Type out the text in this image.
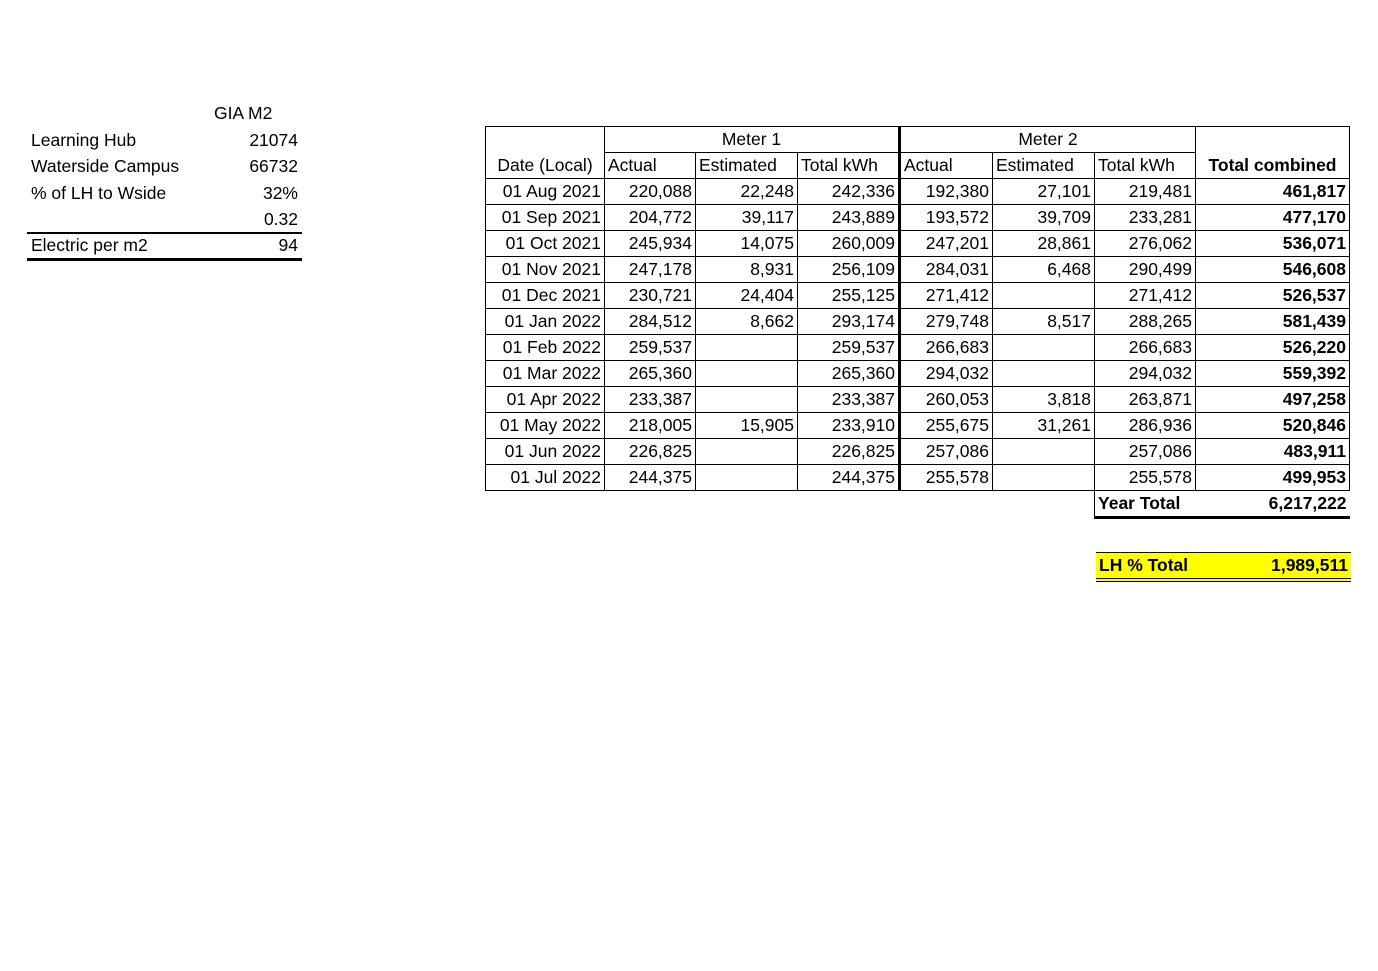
GIA M2
Learning Hub	21074
Waterside Campus	66732
% of LH to Wside	32%
0.32
Electric per m2	94
	Meter 1			Meter 2			
Date (Local)	Actual	Estimated	Total kWh	Actual	Estimated	Total kWh	Total combined
01 Aug 2021	220,088	22,248	242,336	192,380	27,101	219,481	461,817
01 Sep 2021	204,772	39,117	243,889	193,572	39,709	233,281	477,170
01 Oct 2021	245,934	14,075	260,009	247,201	28,861	276,062	536,071
01 Nov 2021	247,178	8,931	256,109	284,031	6,468	290,499	546,608
01 Dec 2021	230,721	24,404	255,125	271,412		271,412	526,537
01 Jan 2022	284,512	8,662	293,174	279,748	8,517	288,265	581,439
01 Feb 2022	259,537		259,537	266,683		266,683	526,220
01 Mar 2022	265,360		265,360	294,032		294,032	559,392
01 Apr 2022	233,387		233,387	260,053	3,818	263,871	497,258
01 May 2022	218,005	15,905	233,910	255,675	31,261	286,936	520,846
01 Jun 2022	226,825		226,825	257,086		257,086	483,911
01 Jul 2022	244,375		244,375	255,578		255,578	499,953
						Year Total	6,217,222
LH % Total	1,989,511
